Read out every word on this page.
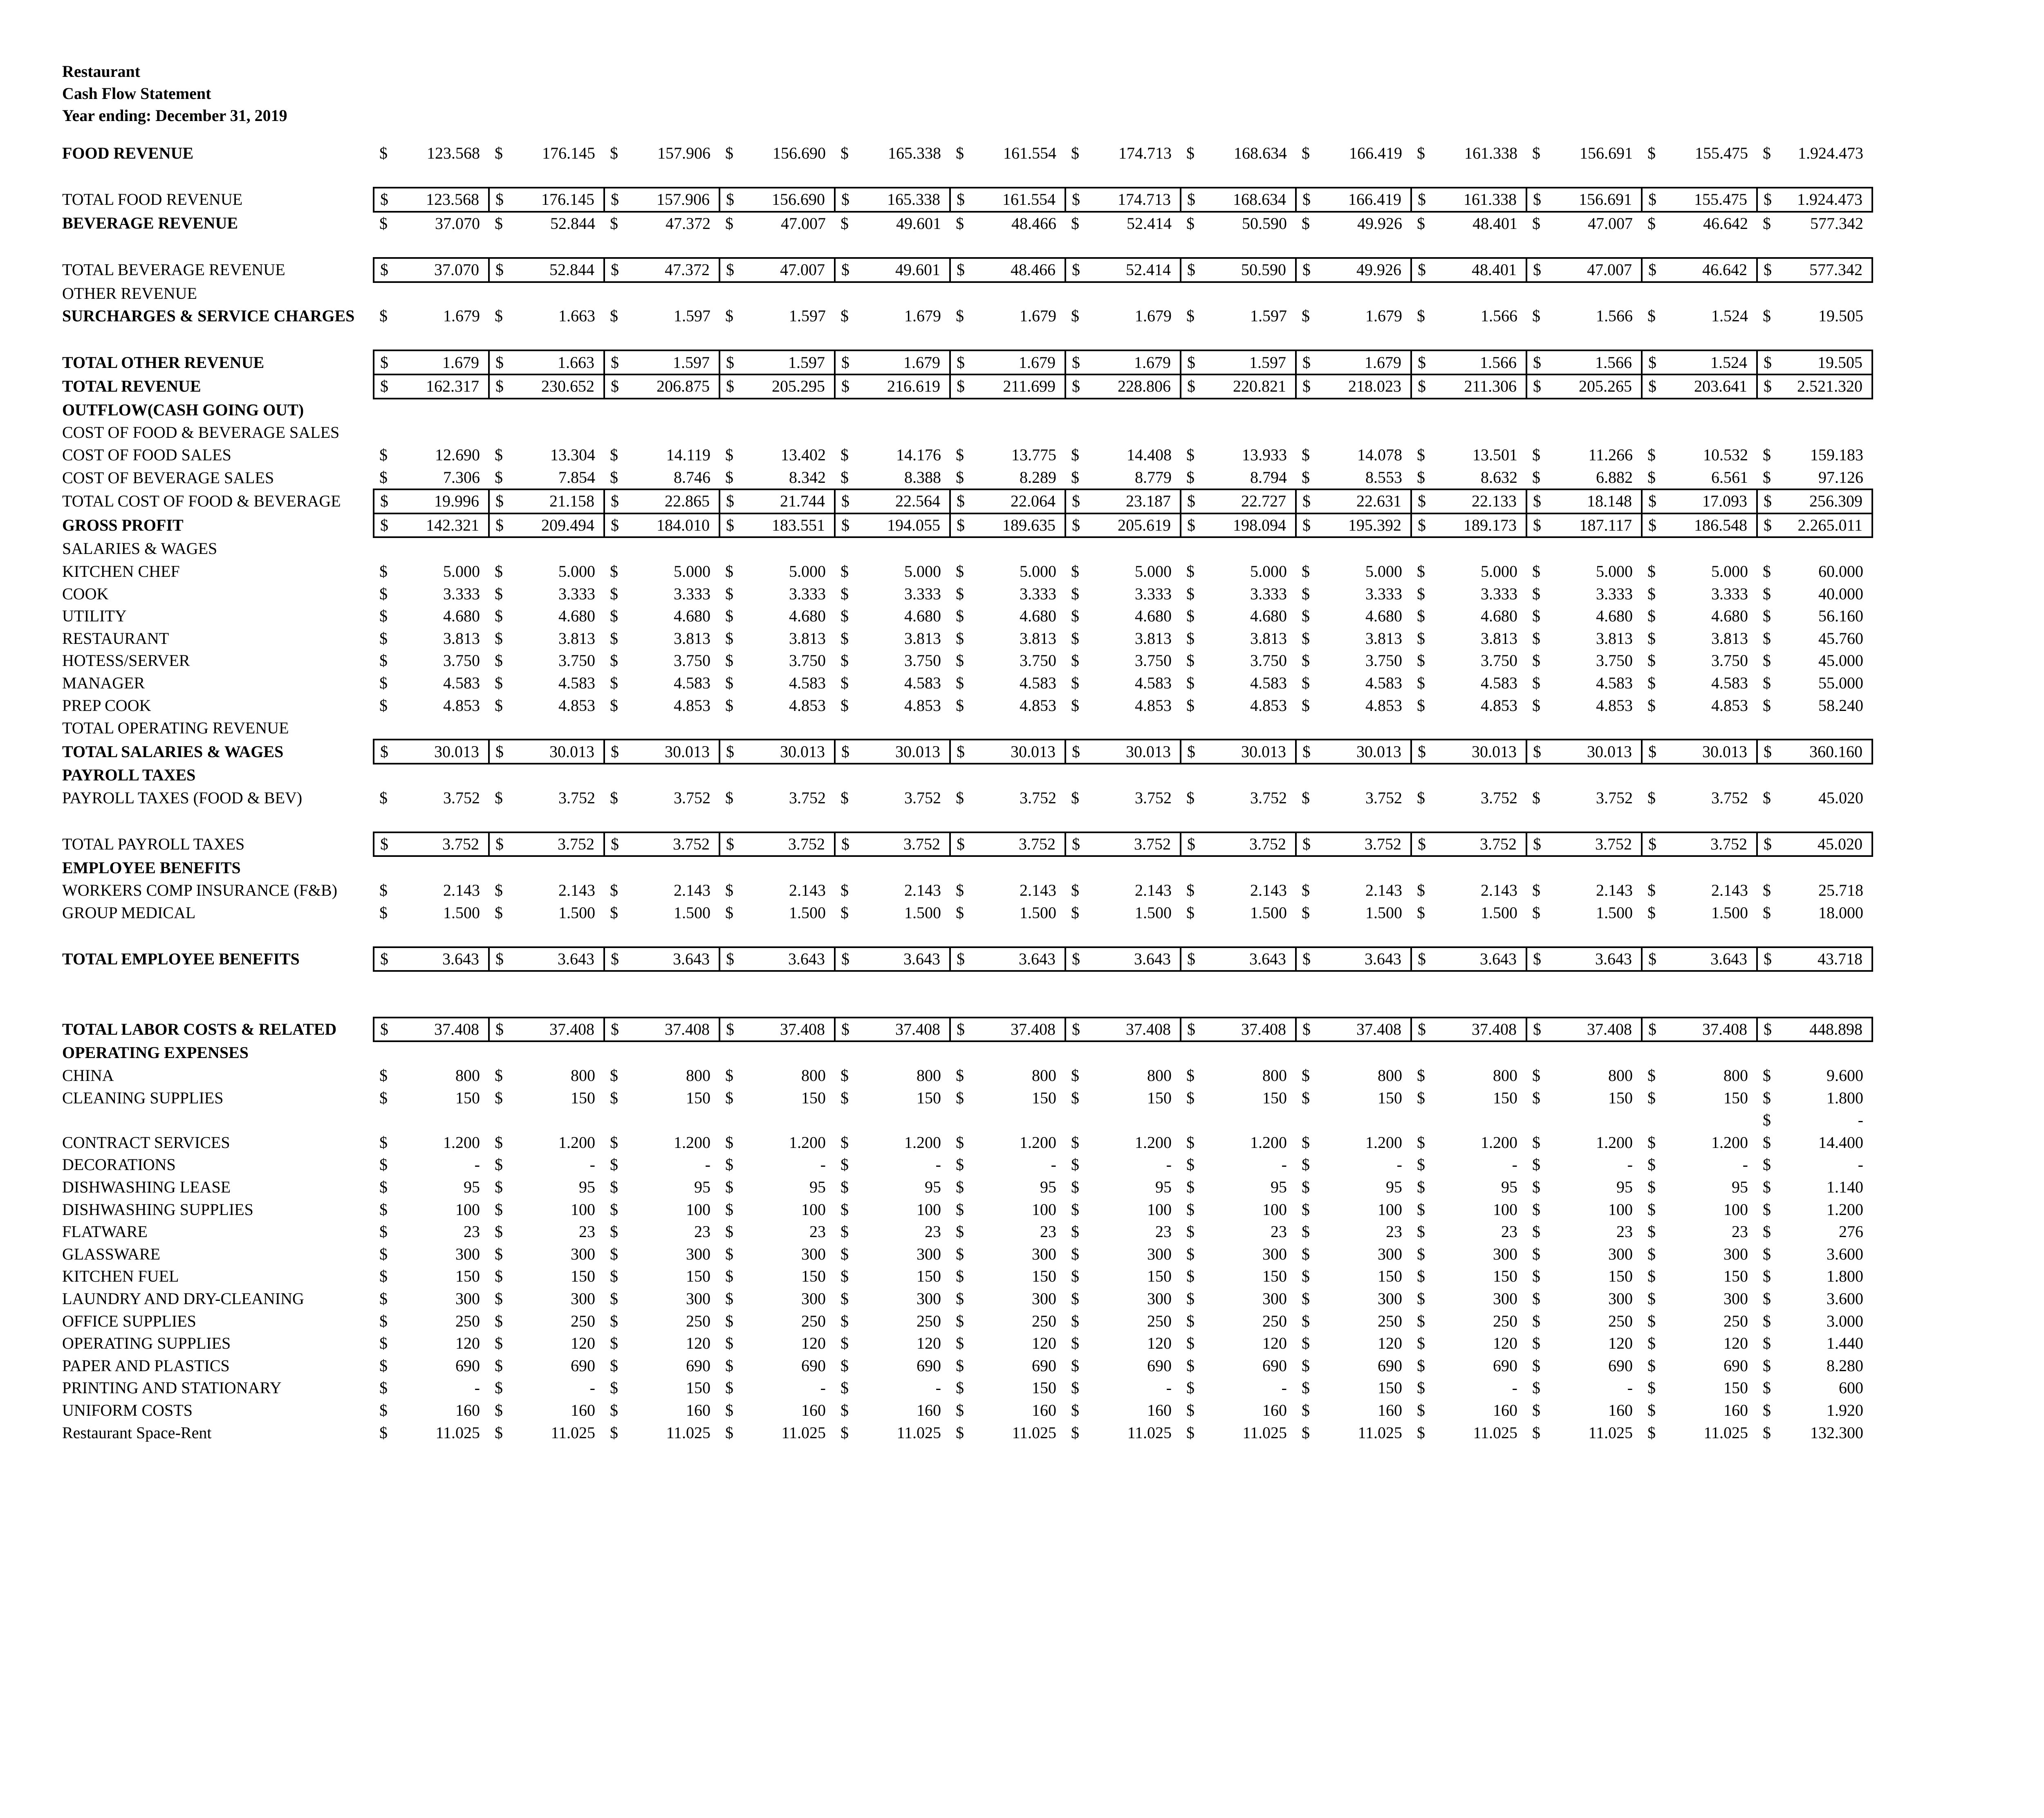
Restaurant
Cash Flow Statement
Year ending: December 31, 2019
FOOD REVENUE	$	123.568	$	176.145	$	157.906	$	156.690	$	165.338	$	161.554	$	174.713	$	168.634	$	166.419	$	161.338	$	156.691	$	155.475	$	1.924.473

TOTAL FOOD REVENUE	$	123.568	$	176.145	$	157.906	$	156.690	$	165.338	$	161.554	$	174.713	$	168.634	$	166.419	$	161.338	$	156.691	$	155.475	$	1.924.473
BEVERAGE REVENUE	$	37.070	$	52.844	$	47.372	$	47.007	$	49.601	$	48.466	$	52.414	$	50.590	$	49.926	$	48.401	$	47.007	$	46.642	$	577.342

TOTAL BEVERAGE REVENUE	$	37.070	$	52.844	$	47.372	$	47.007	$	49.601	$	48.466	$	52.414	$	50.590	$	49.926	$	48.401	$	47.007	$	46.642	$	577.342
OTHER REVENUE																										
SURCHARGES & SERVICE CHARGES	$	1.679	$	1.663	$	1.597	$	1.597	$	1.679	$	1.679	$	1.679	$	1.597	$	1.679	$	1.566	$	1.566	$	1.524	$	19.505

TOTAL OTHER REVENUE	$	1.679	$	1.663	$	1.597	$	1.597	$	1.679	$	1.679	$	1.679	$	1.597	$	1.679	$	1.566	$	1.566	$	1.524	$	19.505
TOTAL REVENUE	$	162.317	$	230.652	$	206.875	$	205.295	$	216.619	$	211.699	$	228.806	$	220.821	$	218.023	$	211.306	$	205.265	$	203.641	$	2.521.320
OUTFLOW(CASH GOING OUT)																										
COST OF FOOD & BEVERAGE SALES																										
COST OF FOOD SALES	$	12.690	$	13.304	$	14.119	$	13.402	$	14.176	$	13.775	$	14.408	$	13.933	$	14.078	$	13.501	$	11.266	$	10.532	$	159.183
COST OF BEVERAGE SALES	$	7.306	$	7.854	$	8.746	$	8.342	$	8.388	$	8.289	$	8.779	$	8.794	$	8.553	$	8.632	$	6.882	$	6.561	$	97.126
TOTAL COST OF FOOD & BEVERAGE	$	19.996	$	21.158	$	22.865	$	21.744	$	22.564	$	22.064	$	23.187	$	22.727	$	22.631	$	22.133	$	18.148	$	17.093	$	256.309
GROSS PROFIT	$	142.321	$	209.494	$	184.010	$	183.551	$	194.055	$	189.635	$	205.619	$	198.094	$	195.392	$	189.173	$	187.117	$	186.548	$	2.265.011
SALARIES & WAGES																										
KITCHEN CHEF	$	5.000	$	5.000	$	5.000	$	5.000	$	5.000	$	5.000	$	5.000	$	5.000	$	5.000	$	5.000	$	5.000	$	5.000	$	60.000
COOK	$	3.333	$	3.333	$	3.333	$	3.333	$	3.333	$	3.333	$	3.333	$	3.333	$	3.333	$	3.333	$	3.333	$	3.333	$	40.000
UTILITY	$	4.680	$	4.680	$	4.680	$	4.680	$	4.680	$	4.680	$	4.680	$	4.680	$	4.680	$	4.680	$	4.680	$	4.680	$	56.160
RESTAURANT	$	3.813	$	3.813	$	3.813	$	3.813	$	3.813	$	3.813	$	3.813	$	3.813	$	3.813	$	3.813	$	3.813	$	3.813	$	45.760
HOTESS/SERVER	$	3.750	$	3.750	$	3.750	$	3.750	$	3.750	$	3.750	$	3.750	$	3.750	$	3.750	$	3.750	$	3.750	$	3.750	$	45.000
MANAGER	$	4.583	$	4.583	$	4.583	$	4.583	$	4.583	$	4.583	$	4.583	$	4.583	$	4.583	$	4.583	$	4.583	$	4.583	$	55.000
PREP COOK	$	4.853	$	4.853	$	4.853	$	4.853	$	4.853	$	4.853	$	4.853	$	4.853	$	4.853	$	4.853	$	4.853	$	4.853	$	58.240
TOTAL OPERATING REVENUE																										
TOTAL SALARIES & WAGES	$	30.013	$	30.013	$	30.013	$	30.013	$	30.013	$	30.013	$	30.013	$	30.013	$	30.013	$	30.013	$	30.013	$	30.013	$	360.160
PAYROLL TAXES																										
PAYROLL TAXES (FOOD & BEV)	$	3.752	$	3.752	$	3.752	$	3.752	$	3.752	$	3.752	$	3.752	$	3.752	$	3.752	$	3.752	$	3.752	$	3.752	$	45.020

TOTAL PAYROLL TAXES	$	3.752	$	3.752	$	3.752	$	3.752	$	3.752	$	3.752	$	3.752	$	3.752	$	3.752	$	3.752	$	3.752	$	3.752	$	45.020
EMPLOYEE BENEFITS																										
WORKERS COMP INSURANCE (F&B)	$	2.143	$	2.143	$	2.143	$	2.143	$	2.143	$	2.143	$	2.143	$	2.143	$	2.143	$	2.143	$	2.143	$	2.143	$	25.718
GROUP MEDICAL	$	1.500	$	1.500	$	1.500	$	1.500	$	1.500	$	1.500	$	1.500	$	1.500	$	1.500	$	1.500	$	1.500	$	1.500	$	18.000

TOTAL EMPLOYEE BENEFITS	$	3.643	$	3.643	$	3.643	$	3.643	$	3.643	$	3.643	$	3.643	$	3.643	$	3.643	$	3.643	$	3.643	$	3.643	$	43.718

TOTAL LABOR COSTS & RELATED	$	37.408	$	37.408	$	37.408	$	37.408	$	37.408	$	37.408	$	37.408	$	37.408	$	37.408	$	37.408	$	37.408	$	37.408	$	448.898
OPERATING EXPENSES																										
CHINA	$	800	$	800	$	800	$	800	$	800	$	800	$	800	$	800	$	800	$	800	$	800	$	800	$	9.600
CLEANING SUPPLIES	$	150	$	150	$	150	$	150	$	150	$	150	$	150	$	150	$	150	$	150	$	150	$	150	$	1.800
																									$	-
CONTRACT SERVICES	$	1.200	$	1.200	$	1.200	$	1.200	$	1.200	$	1.200	$	1.200	$	1.200	$	1.200	$	1.200	$	1.200	$	1.200	$	14.400
DECORATIONS	$	-	$	-	$	-	$	-	$	-	$	-	$	-	$	-	$	-	$	-	$	-	$	-	$	-
DISHWASHING LEASE	$	95	$	95	$	95	$	95	$	95	$	95	$	95	$	95	$	95	$	95	$	95	$	95	$	1.140
DISHWASHING SUPPLIES	$	100	$	100	$	100	$	100	$	100	$	100	$	100	$	100	$	100	$	100	$	100	$	100	$	1.200
FLATWARE	$	23	$	23	$	23	$	23	$	23	$	23	$	23	$	23	$	23	$	23	$	23	$	23	$	276
GLASSWARE	$	300	$	300	$	300	$	300	$	300	$	300	$	300	$	300	$	300	$	300	$	300	$	300	$	3.600
KITCHEN FUEL	$	150	$	150	$	150	$	150	$	150	$	150	$	150	$	150	$	150	$	150	$	150	$	150	$	1.800
LAUNDRY AND DRY-CLEANING	$	300	$	300	$	300	$	300	$	300	$	300	$	300	$	300	$	300	$	300	$	300	$	300	$	3.600
OFFICE SUPPLIES	$	250	$	250	$	250	$	250	$	250	$	250	$	250	$	250	$	250	$	250	$	250	$	250	$	3.000
OPERATING SUPPLIES	$	120	$	120	$	120	$	120	$	120	$	120	$	120	$	120	$	120	$	120	$	120	$	120	$	1.440
PAPER AND PLASTICS	$	690	$	690	$	690	$	690	$	690	$	690	$	690	$	690	$	690	$	690	$	690	$	690	$	8.280
PRINTING AND STATIONARY	$	-	$	-	$	150	$	-	$	-	$	150	$	-	$	-	$	150	$	-	$	-	$	150	$	600
UNIFORM COSTS	$	160	$	160	$	160	$	160	$	160	$	160	$	160	$	160	$	160	$	160	$	160	$	160	$	1.920
Restaurant Space-Rent	$	11.025	$	11.025	$	11.025	$	11.025	$	11.025	$	11.025	$	11.025	$	11.025	$	11.025	$	11.025	$	11.025	$	11.025	$	132.300
